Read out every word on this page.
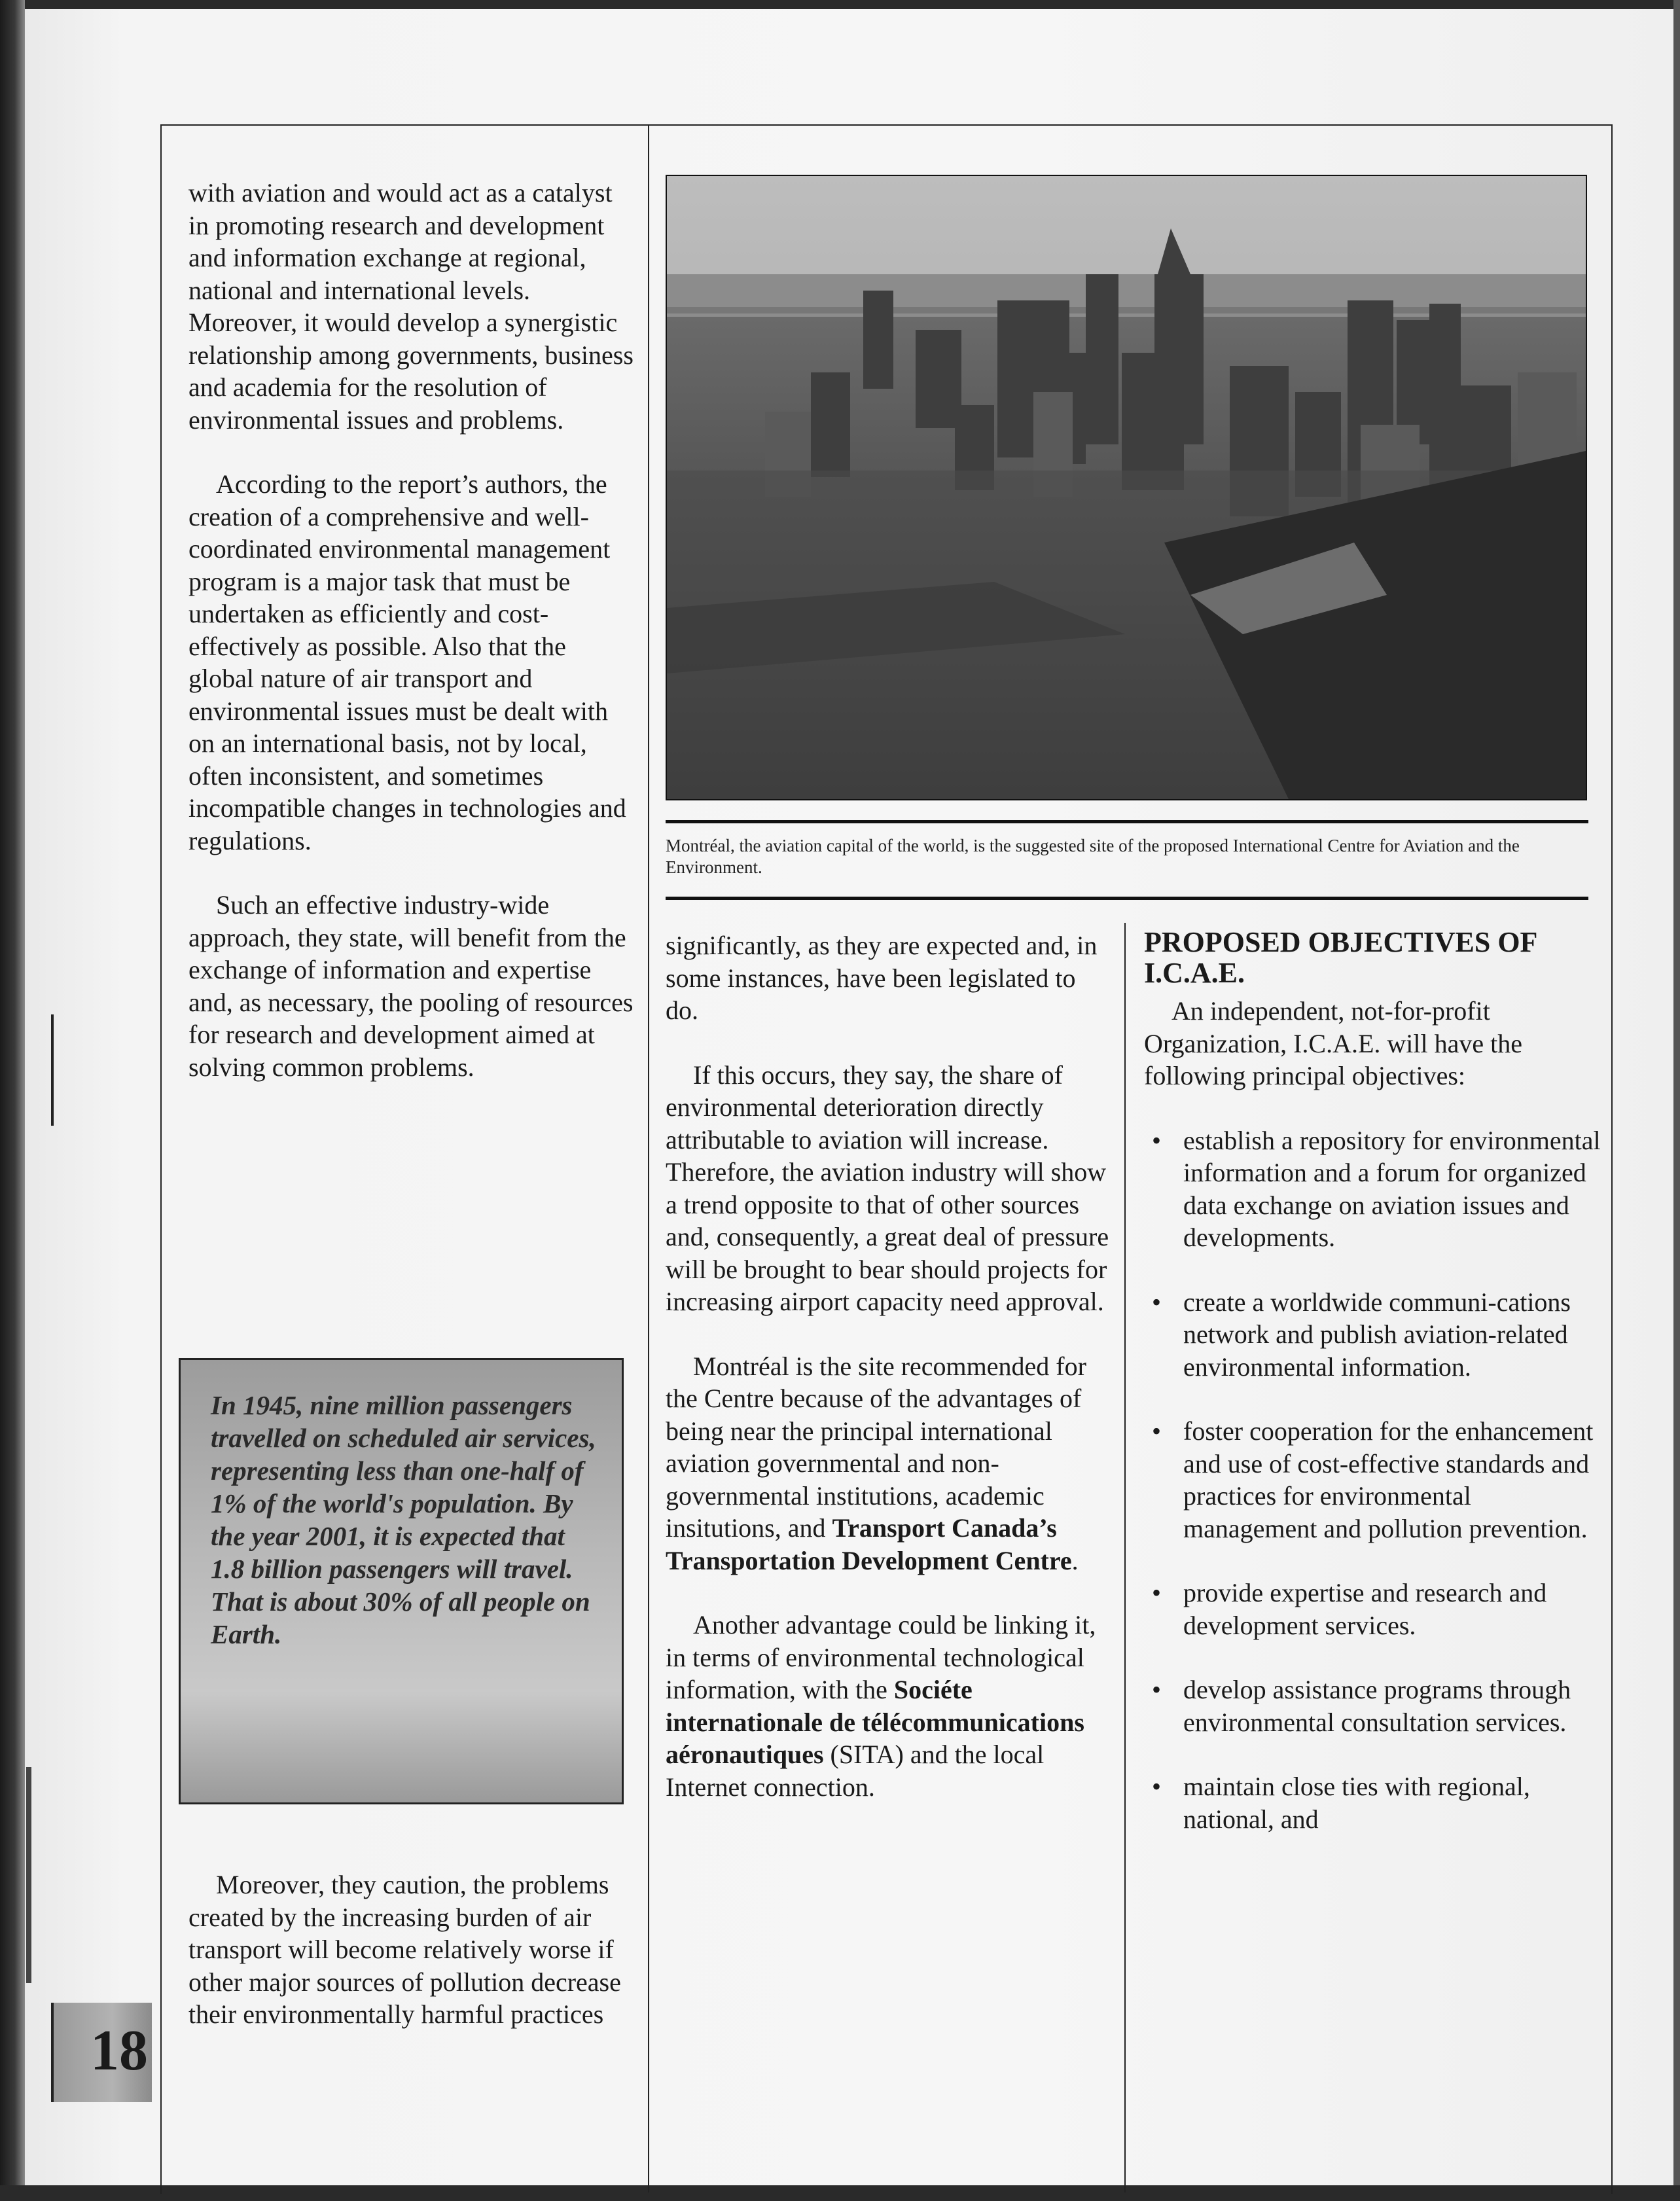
with aviation and would act as a catalyst in promoting research and development and information exchange at regional, national and international levels. Moreover, it would develop a synergistic relationship among governments, business and academia for the resolution of environmental issues and problems.

According to the report’s authors, the creation of a comprehensive and well-coordinated environmental management program is a major task that must be undertaken as efficiently and cost-effectively as possible. Also that the global nature of air transport and environmental issues must be dealt with on an international basis, not by local, often inconsistent, and sometimes incompatible changes in technologies and regulations.

Such an effective industry-wide approach, they state, will benefit from the exchange of information and expertise and, as necessary, the pooling of resources for research and development aimed at solving common problems.

In 1945, nine million passengers travelled on scheduled air services, representing less than one-half of 1% of the world's population. By the year 2001, it is expected that 1.8 billion passengers will travel. That is about 30% of all people on Earth.

Moreover, they caution, the problems created by the increasing burden of air transport will become relatively worse if other major sources of pollution decrease their environmentally harmful practices

Montréal, the aviation capital of the world, is the suggested site of the proposed International Centre for Aviation and the Environment.

significantly, as they are expected and, in some instances, have been legislated to do.

If this occurs, they say, the share of environmental deterioration directly attributable to aviation will increase. Therefore, the aviation industry will show a trend opposite to that of other sources and, consequently, a great deal of pressure will be brought to bear should projects for increasing airport capacity need approval.

Montréal is the site recommended for the Centre because of the advantages of being near the principal international aviation governmental and non-governmental institutions, academic insitutions, and Transport Canada’s Transportation Development Centre.

Another advantage could be linking it, in terms of environmental technological information, with the Sociéte internationale de télécommunications aéronautiques (SITA) and the local Internet connection.

PROPOSED OBJECTIVES OF I.C.A.E.

An independent, not-for-profit Organization, I.C.A.E. will have the following principal objectives:

• establish a repository for environmental information and a forum for organized data exchange on aviation issues and developments.
• create a worldwide communi-cations network and publish aviation-related environmental information.
• foster cooperation for the enhancement and use of cost-effective standards and practices for environmental management and pollution prevention.
• provide expertise and research and development services.
• develop assistance programs through environmental consultation services.
• maintain close ties with regional, national, and
18
